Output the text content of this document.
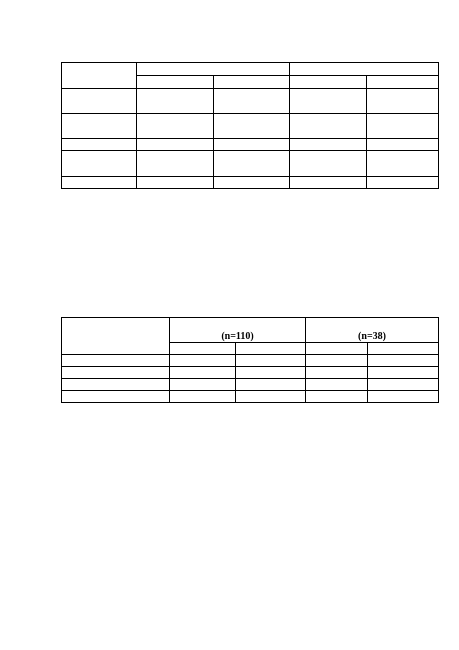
	(n=110)		(n=38)	
